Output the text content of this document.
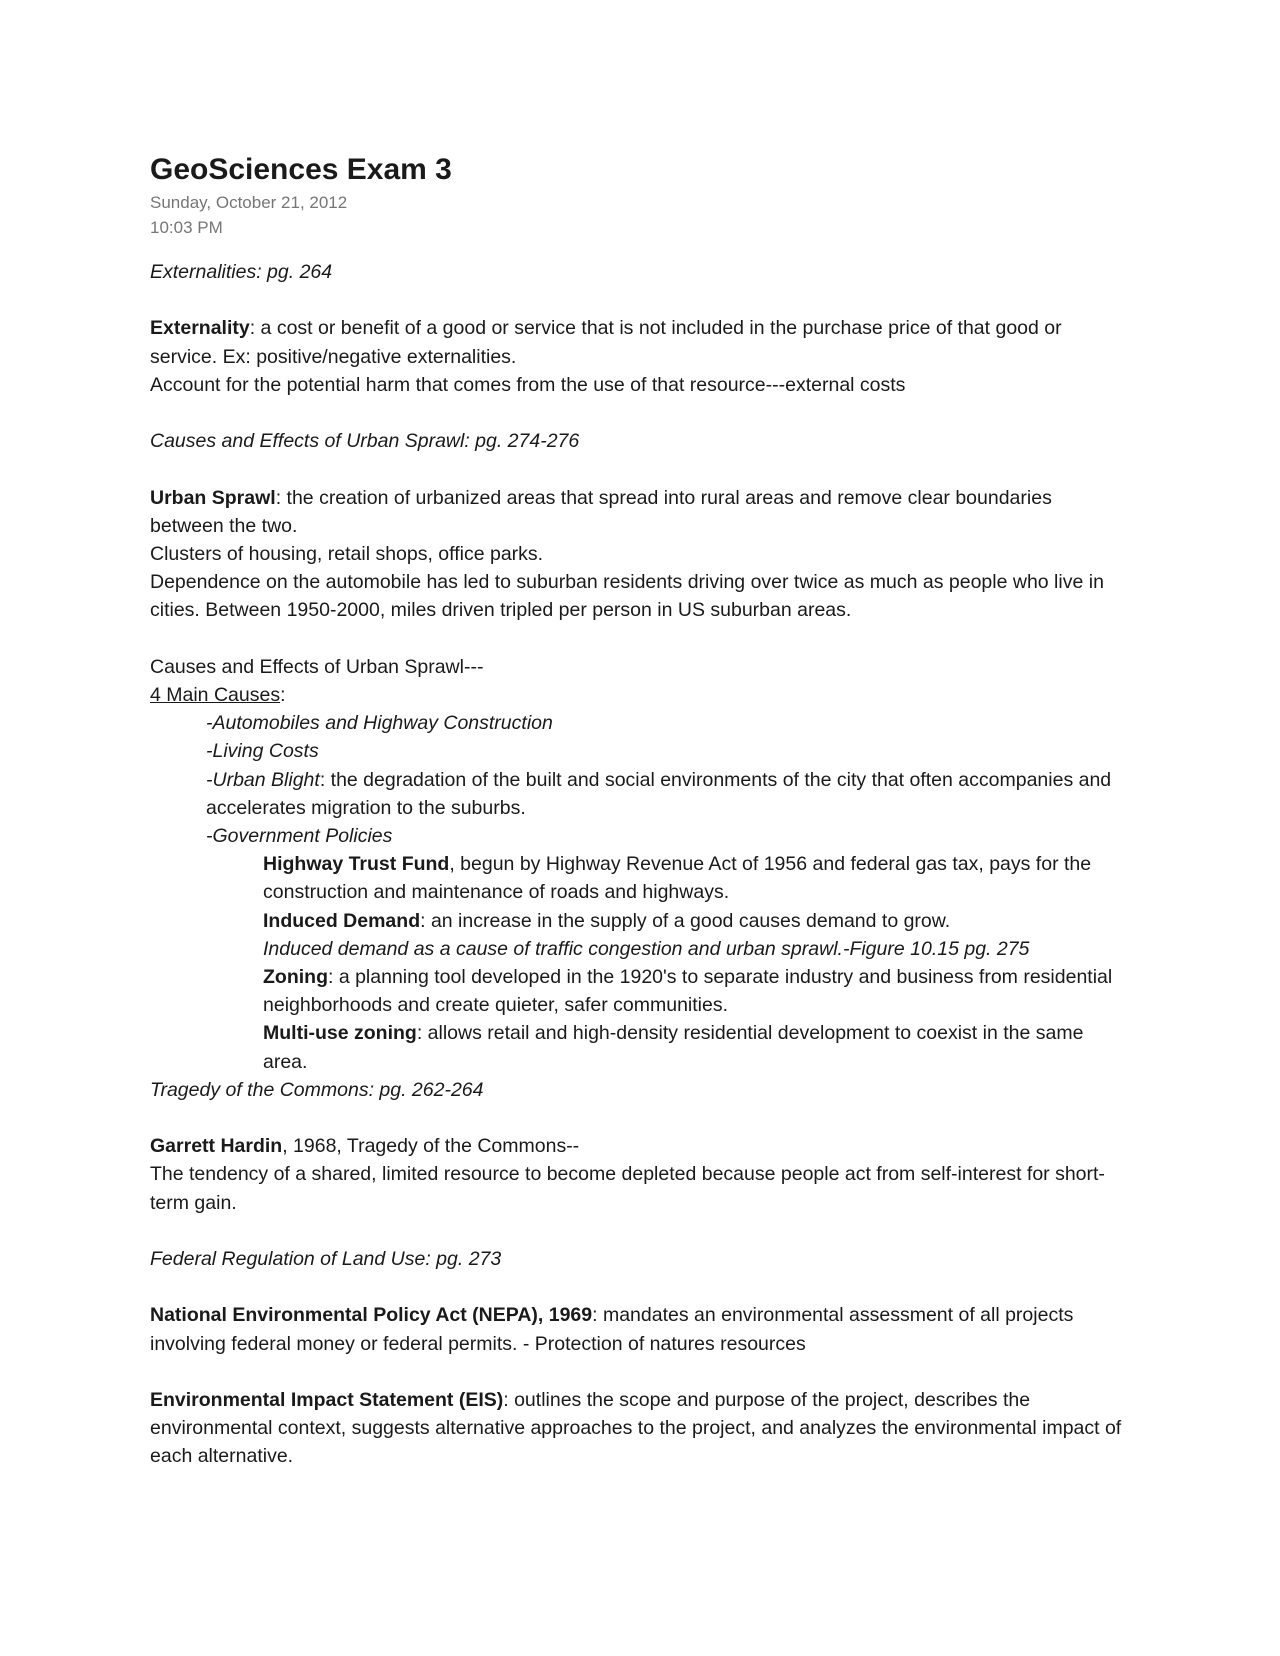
GeoSciences Exam 3
Sunday, October 21, 2012
10:03 PM

Externalities: pg. 264

Externality: a cost or benefit of a good or service that is not included in the purchase price of that good or service. Ex: positive/negative externalities.

Account for the potential harm that comes from the use of that resource---external costs

Causes and Effects of Urban Sprawl: pg. 274-276

Urban Sprawl: the creation of urbanized areas that spread into rural areas and remove clear boundaries between the two.

Clusters of housing, retail shops, office parks.

Dependence on the automobile has led to suburban residents driving over twice as much as people who live in cities. Between 1950-2000, miles driven tripled per person in US suburban areas.

Causes and Effects of Urban Sprawl---

4 Main Causes:

-Automobiles and Highway Construction

-Living Costs

-Urban Blight: the degradation of the built and social environments of the city that often accompanies and accelerates migration to the suburbs.

-Government Policies

Highway Trust Fund, begun by Highway Revenue Act of 1956 and federal gas tax, pays for the construction and maintenance of roads and highways.

Induced Demand: an increase in the supply of a good causes demand to grow.

Induced demand as a cause of traffic congestion and urban sprawl.-Figure 10.15 pg. 275

Zoning: a planning tool developed in the 1920's to separate industry and business from residential neighborhoods and create quieter, safer communities.

Multi-use zoning: allows retail and high-density residential development to coexist in the same area.

Tragedy of the Commons: pg. 262-264

Garrett Hardin, 1968, Tragedy of the Commons--

The tendency of a shared, limited resource to become depleted because people act from self-interest for short-term gain.

Federal Regulation of Land Use: pg. 273

National Environmental Policy Act (NEPA), 1969: mandates an environmental assessment of all projects involving federal money or federal permits. - Protection of natures resources

Environmental Impact Statement (EIS): outlines the scope and purpose of the project, describes the environmental context, suggests alternative approaches to the project, and analyzes the environmental impact of each alternative.
